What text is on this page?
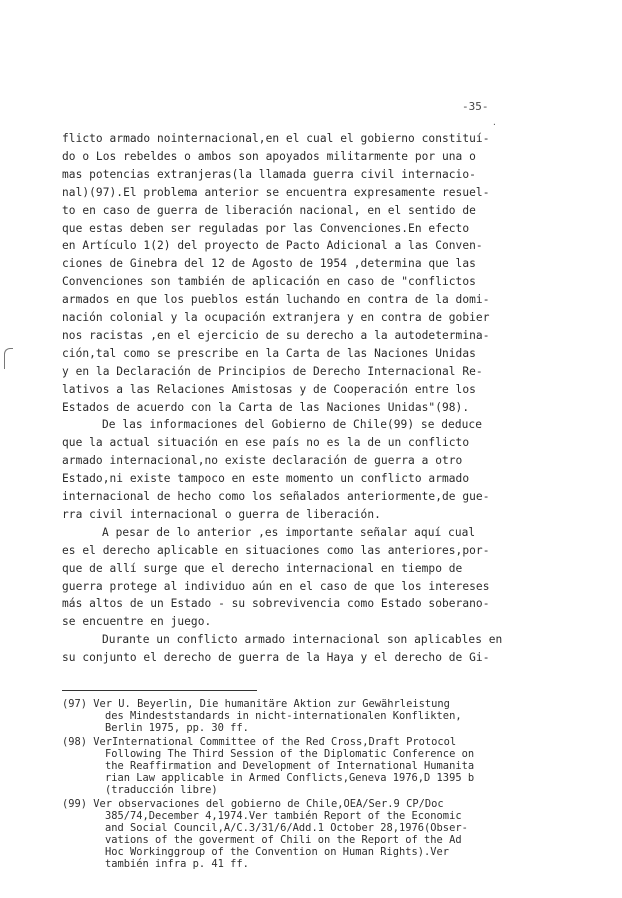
-35-
.
flicto armado nointernacional,en el cual el gobierno constituí-
do o Los rebeldes o ambos son apoyados militarmente por una o
mas potencias extranjeras(la llamada guerra civil internacio-
nal)(97).El problema anterior se encuentra expresamente resuel-
to en caso de guerra de liberación nacional, en el sentido de
que estas deben ser reguladas por las Convenciones.En efecto
en Artículo 1(2) del proyecto de Pacto Adicional a las Conven-
ciones de Ginebra del 12 de Agosto de 1954 ,determina que las
Convenciones son también de aplicación en caso de "conflictos
armados en que los pueblos están luchando en contra de la domi-
nación colonial y la ocupación extranjera y en contra de gobier
nos racistas ,en el ejercicio de su derecho a la autodetermina-
ción,tal como se prescribe en la Carta de las Naciones Unidas
y en la Declaración de Principios de Derecho Internacional Re-
lativos a las Relaciones Amistosas y de Cooperación entre los
Estados de acuerdo con la Carta de las Naciones Unidas"(98).
De las informaciones del Gobierno de Chile(99) se deduce
que la actual situación en ese país no es la de un conflicto
armado internacional,no existe declaración de guerra a otro
Estado,ni existe tampoco en este momento un conflicto armado
internacional de hecho como los señalados anteriormente,de gue-
rra civil internacional o guerra de liberación.
A pesar de lo anterior ,es importante señalar aquí cual
es el derecho aplicable en situaciones como las anteriores,por-
que de allí surge que el derecho internacional en tiempo de
guerra protege al individuo aún en el caso de que los intereses
más altos de un Estado - su sobrevivencia como Estado soberano-
se encuentre en juego.
Durante un conflicto armado internacional son aplicables en
su conjunto el derecho de guerra de la Haya y el derecho de Gi-
(97) Ver U. Beyerlin, Die humanitäre Aktion zur Gewährleistung
des Mindeststandards in nicht-internationalen Konflikten,
Berlin 1975, pp. 30 ff.
(98) VerInternational Committee of the Red Cross,Draft Protocol
Following The Third Session of the Diplomatic Conference on
the Reaffirmation and Development of International Humanita
rian Law applicable in Armed Conflicts,Geneva 1976,D 1395 b
(traducción libre)
(99) Ver observaciones del gobierno de Chile,OEA/Ser.9 CP/Doc
385/74,December 4,1974.Ver también Report of the Economic
and Social Council,A/C.3/31/6/Add.1 October 28,1976(Obser-
vations of the goverment of Chili on the Report of the Ad
Hoc Workinggroup of the Convention on Human Rights).Ver
también infra p. 41 ff.
